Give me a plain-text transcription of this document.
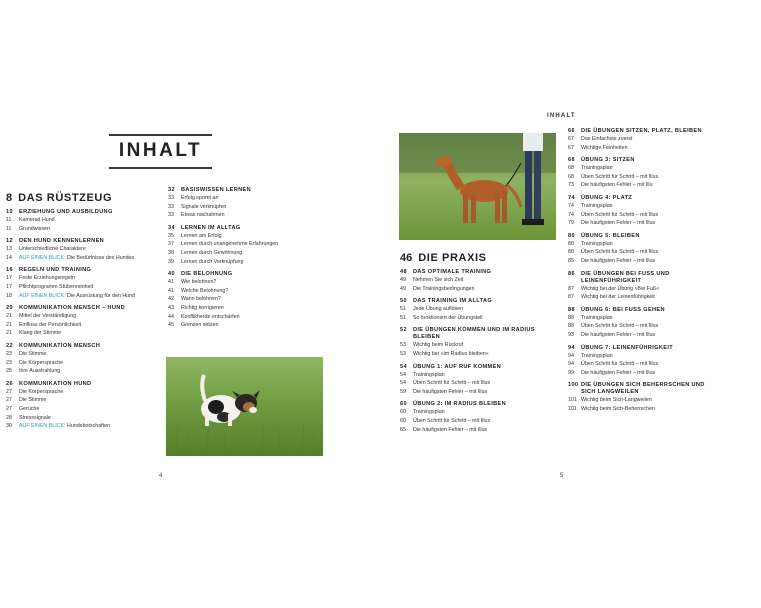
INHALT
INHALT
8 DAS RÜSTZEUG
10	ERZIEHUNG UND AUSBILDUNG
11	Kamerad Hund
11	Grundwissen
12	DEN HUND KENNENLERNEN
13	Unterschiedliche Charaktere
14	AUF EINEN BLICK: Die Bedürfnisse des Hundes
16	REGELN UND TRAINING
17	Feste Erziehungsregeln
17	Pflichtprogramm Stubenreinheit
18	AUF EINEN BLICK: Die Ausrüstung für den Hund
20	KOMMUNIKATION MENSCH – HUND
21	Mittel der Verständigung
21	Einfluss der Persönlichkeit
21	Klang der Stimme
22	KOMMUNIKATION MENSCH
23	Die Stimme
23	Die Körpersprache
25	Ihre Ausstrahlung
26	KOMMUNIKATION HUND
27	Die Körpersprache
27	Die Stimme
27	Gerüche
28	Stresssignale
30	AUF EINEN BLICK: Hundebotschaften
32	BASISWISSEN LERNEN
33	Erfolg spornt an
33	Signale verknüpfen
33	Etwas nachahmen
34	LERNEN IM ALLTAG
35	Lernen am Erfolg
37	Lernen durch unangenehme Erfahrungen
38	Lernen durch Gewöhnung
39	Lernen durch Verknüpfung
40	DIE BELOHNUNG
41	Wie belohnen?
41	Welche Belohnung?
42	Wann belohnen?
43	Richtig korrigieren
44	Konflikherde entschärfen
45	Grenzen setzen
46 DIE PRAXIS
48	DAS OPTIMALE TRAINING
49	Nehmen Sie sich Zeit
49	Die Trainingsbedingungen
50	DAS TRAINING IM ALLTAG
51	Jede Übung auflösen
51	So funktioniert der Übungsteil
52	DIE ÜBUNGEN KOMMEN UND IM RADIUS BLEIBEN
53	Wichtig beim Rückruf
53	Wichtig bei »Im Radius bleiben«
54	ÜBUNG 1: AUF RUF KOMMEN
54	Trainingsplan
54	Üben Schritt für Schritt – mit Illus
59	Die häufigsten Fehler – mit Illus
60	ÜBUNG 2: IM RADIUS BLEIBEN
60	Trainingsplan
60	Üben Schritt für Schritt – mit Illus
65	Die häufigsten Fehler – mit Illus
66	DIE ÜBUNGEN SITZEN, PLATZ, BLEIBEN
67	Das Einfachste zuerst
67	Wichtige Feinheiten
68	ÜBUNG 3: SITZEN
68	Trainingsplan
68	Üben Schritt für Schritt – mit Illus
73	Die häufigsten Fehler – mit Illu
74	ÜBUNG 4: PLATZ
74	Trainingsplan
74	Üben Schritt für Schritt – mit Illus
79	Die häufigsten Fehler – mit Illus
80	ÜBUNG 5: BLEIBEN
80	Trainingsplan
80	Üben Schritt für Schritt – mit Illus
85	Die häufigsten Fehler – mit Illus
86	DIE ÜBUNGEN BEI FUSS UND LEINENFÜHRIGKEIT
87	Wichtig bei der Übung »Bei Fuß«
87	Wichtig bei der Leinenführigkeit
88	ÜBUNG 6: BEI FUSS GEHEN
88	Trainingsplan
88	Üben Schritt für Schritt – mit Illus
93	Die häufigsten Fehler – mit Illus
94	ÜBUNG 7: LEINENFÜHRIGKEIT
94	Trainingsplan
94	Üben Schritt für Schritt – mit Illus
99	Die häufigsten Fehler – mit Illus
100 DIE ÜBUNGEN SICH BEHERRSCHEN UND SICH LANGWEILEN
101 Wichtig beim Sich-Langweilen
101 Wichtig beim Sich-Beherrschen
4	5
